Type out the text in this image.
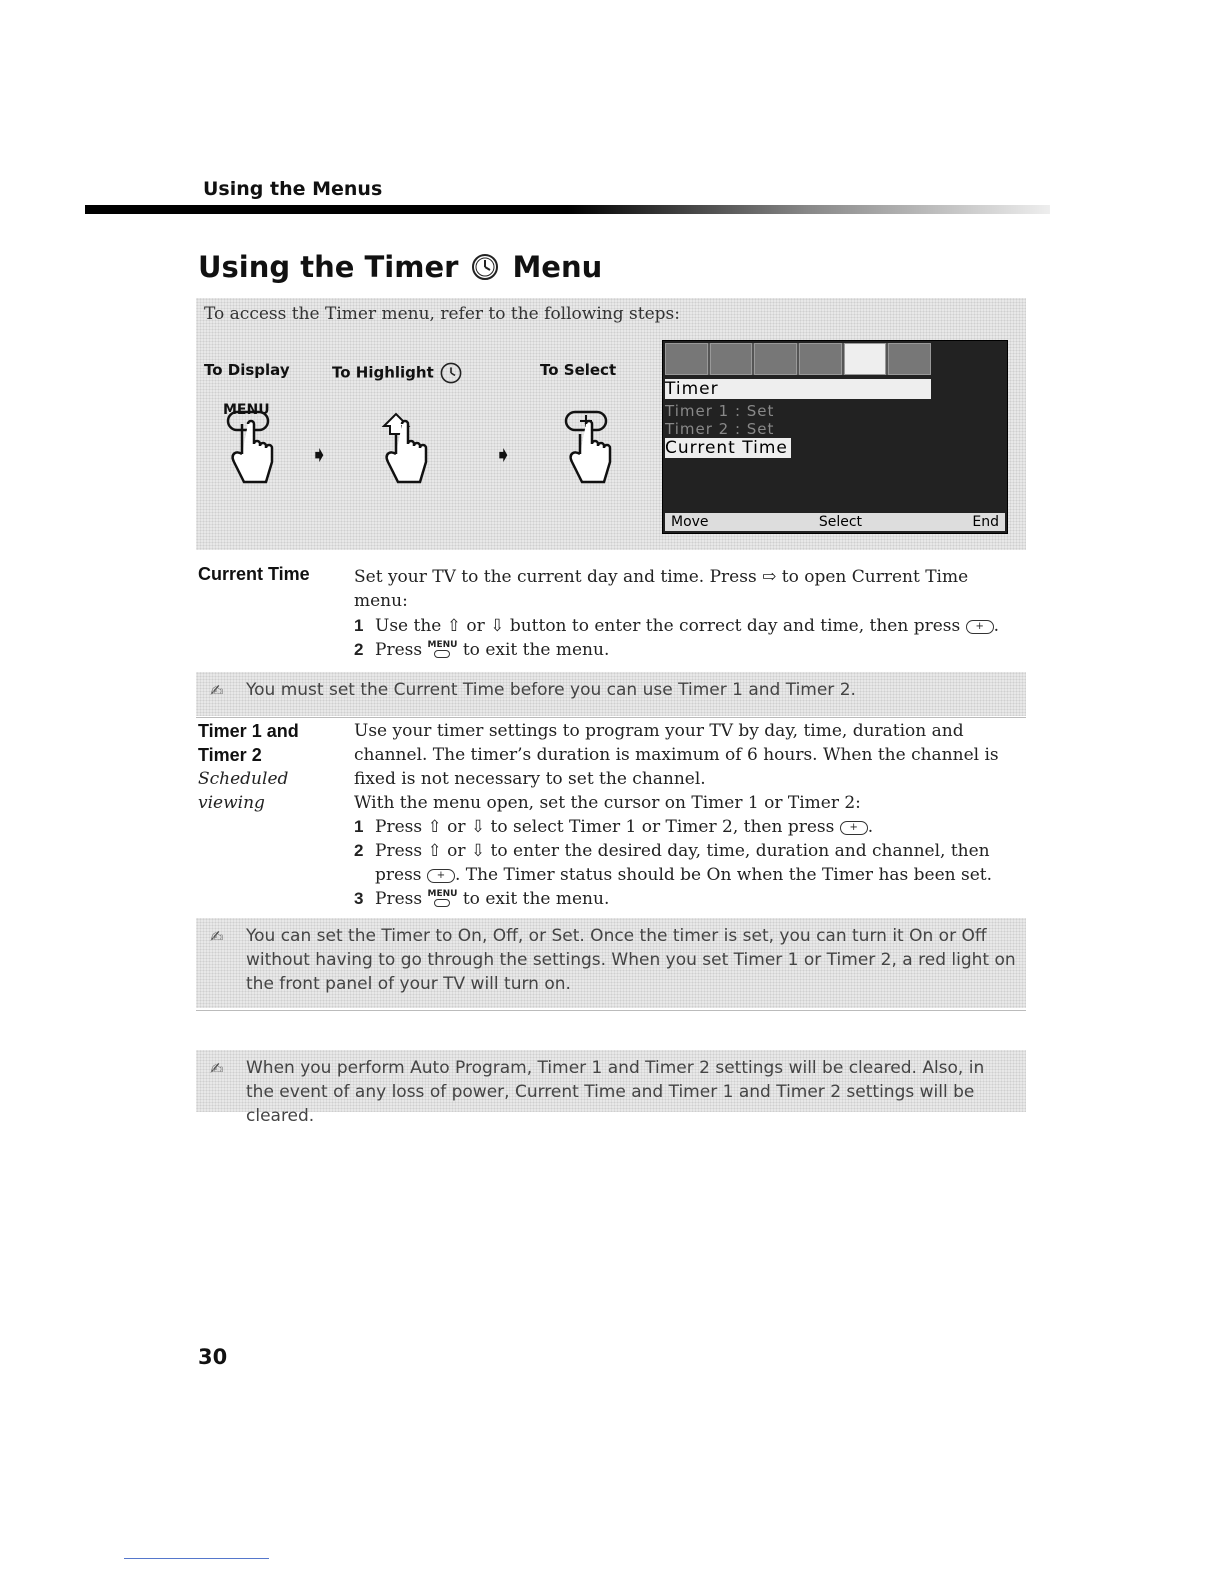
Using the Menus
Using the Timer Menu
To access the Timer menu, refer to the following steps:
To Display	To Highlight	To Select
MENU
➧	➧
Timer
Timer 1 : Set
Timer 2 : Set
Current Time
Move	Select	End
Current Time	Set your TV to the current day and time. Press ⇨ to open Current Time menu:
1 Use the ⇧ or ⇩ button to enter the correct day and time, then press + .
2 Press MENU to exit the menu.
✍ You must set the Current Time before you can use Timer 1 and Timer 2.
Timer 1 and
Timer 2
Scheduled
viewing
Use your timer settings to program your TV by day, time, duration and channel. The timer’s duration is maximum of 6 hours. When the channel is fixed is not necessary to set the channel.
With the menu open, set the cursor on Timer 1 or Timer 2:
1 Press ⇧ or ⇩ to select Timer 1 or Timer 2, then press + .
2 Press ⇧ or ⇩ to enter the desired day, time, duration and channel, then press + . The Timer status should be On when the Timer has been set.
3 Press MENU to exit the menu.
✍ You can set the Timer to On, Off, or Set. Once the timer is set, you can turn it On or Off without having to go through the settings. When you set Timer 1 or Timer 2, a red light on the front panel of your TV will turn on.
✍ When you perform Auto Program, Timer 1 and Timer 2 settings will be cleared. Also, in the event of any loss of power, Current Time and Timer 1 and Timer 2 settings will be cleared.
30
